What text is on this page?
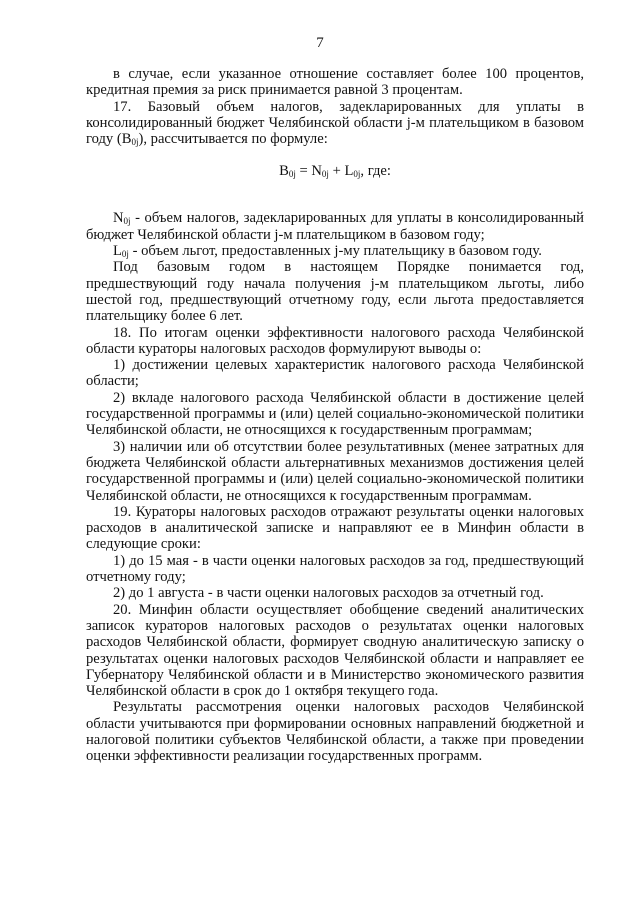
7

в случае, если указанное отношение составляет более 100 процентов, кредитная премия за риск принимается равной 3 процентам.

17. Базовый объем налогов, задекларированных для уплаты в консолидированный бюджет Челябинской области j-м плательщиком в базовом году $(B_{0j})$, рассчитывается по формуле:

$B_{0j} = N_{0j} + L_{0j}$, где:

$N_{0j}$ - объем налогов, задекларированных для уплаты в консолидированный бюджет Челябинской области j-м плательщиком в базовом году;

$L_{0j}$ - объем льгот, предоставленных j-му плательщику в базовом году.

Под базовым годом в настоящем Порядке понимается год, предшествующий году начала получения j-м плательщиком льготы, либо шестой год, предшествующий отчетному году, если льгота предоставляется плательщику более 6 лет.

18. По итогам оценки эффективности налогового расхода Челябинской области кураторы налоговых расходов формулируют выводы о:

1) достижении целевых характеристик налогового расхода Челябинской области;

2) вкладе налогового расхода Челябинской области в достижение целей государственной программы и (или) целей социально-экономической политики Челябинской области, не относящихся к государственным программам;

3) наличии или об отсутствии более результативных (менее затратных для бюджета Челябинской области альтернативных механизмов достижения целей государственной программы и (или) целей социально-экономической политики Челябинской области, не относящихся к государственным программам.

19. Кураторы налоговых расходов отражают результаты оценки налоговых расходов в аналитической записке и направляют ее в Минфин области в следующие сроки:

1) до 15 мая - в части оценки налоговых расходов за год, предшествующий отчетному году;

2) до 1 августа - в части оценки налоговых расходов за отчетный год.

20. Минфин области осуществляет обобщение сведений аналитических записок кураторов налоговых расходов о результатах оценки налоговых расходов Челябинской области, формирует сводную аналитическую записку о результатах оценки налоговых расходов Челябинской области и направляет ее Губернатору Челябинской области и в Министерство экономического развития Челябинской области в срок до 1 октября текущего года.

Результаты рассмотрения оценки налоговых расходов Челябинской области учитываются при формировании основных направлений бюджетной и налоговой политики субъектов Челябинской области, а также при проведении оценки эффективности реализации государственных программ.
